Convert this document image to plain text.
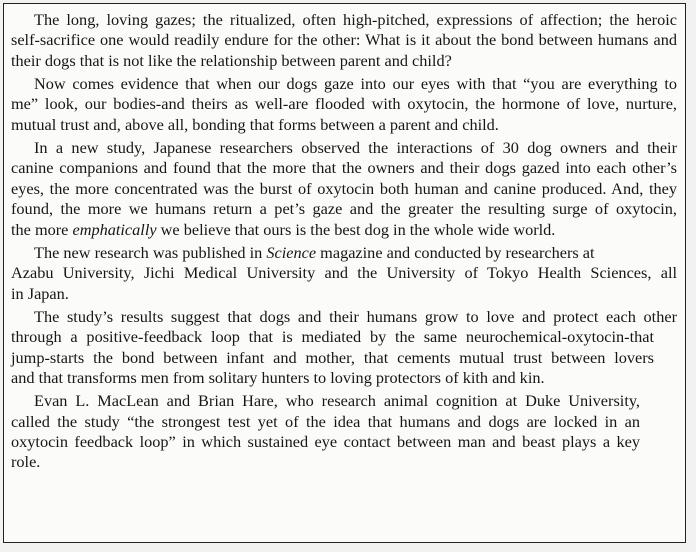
The long, loving gazes; the ritualized, often high-pitched, expressions of affection; the heroic
self-sacrifice one would readily endure for the other: What is it about the bond between humans and
their dogs that is not like the relationship between parent and child?
Now comes evidence that when our dogs gaze into our eyes with that “you are everything to
me” look, our bodies-and theirs as well-are flooded with oxytocin, the hormone of love, nurture,
mutual trust and, above all, bonding that forms between a parent and child.
In a new study, Japanese researchers observed the interactions of 30 dog owners and their
canine companions and found that the more that the owners and their dogs gazed into each other’s
eyes, the more concentrated was the burst of oxytocin both human and canine produced. And, they
found, the more we humans return a pet’s gaze and the greater the resulting surge of oxytocin,
the more emphatically we believe that ours is the best dog in the whole wide world.
The new research was published in Science magazine and conducted by researchers at
Azabu University, Jichi Medical University and the University of Tokyo Health Sciences, all
in Japan.
The study’s results suggest that dogs and their humans grow to love and protect each other
through a positive-feedback loop that is mediated by the same neurochemical-oxytocin-that
jump-starts the bond between infant and mother, that cements mutual trust between lovers
and that transforms men from solitary hunters to loving protectors of kith and kin.
Evan L. MacLean and Brian Hare, who research animal cognition at Duke University,
called the study “the strongest test yet of the idea that humans and dogs are locked in an
oxytocin feedback loop” in which sustained eye contact between man and beast plays a key
role.
